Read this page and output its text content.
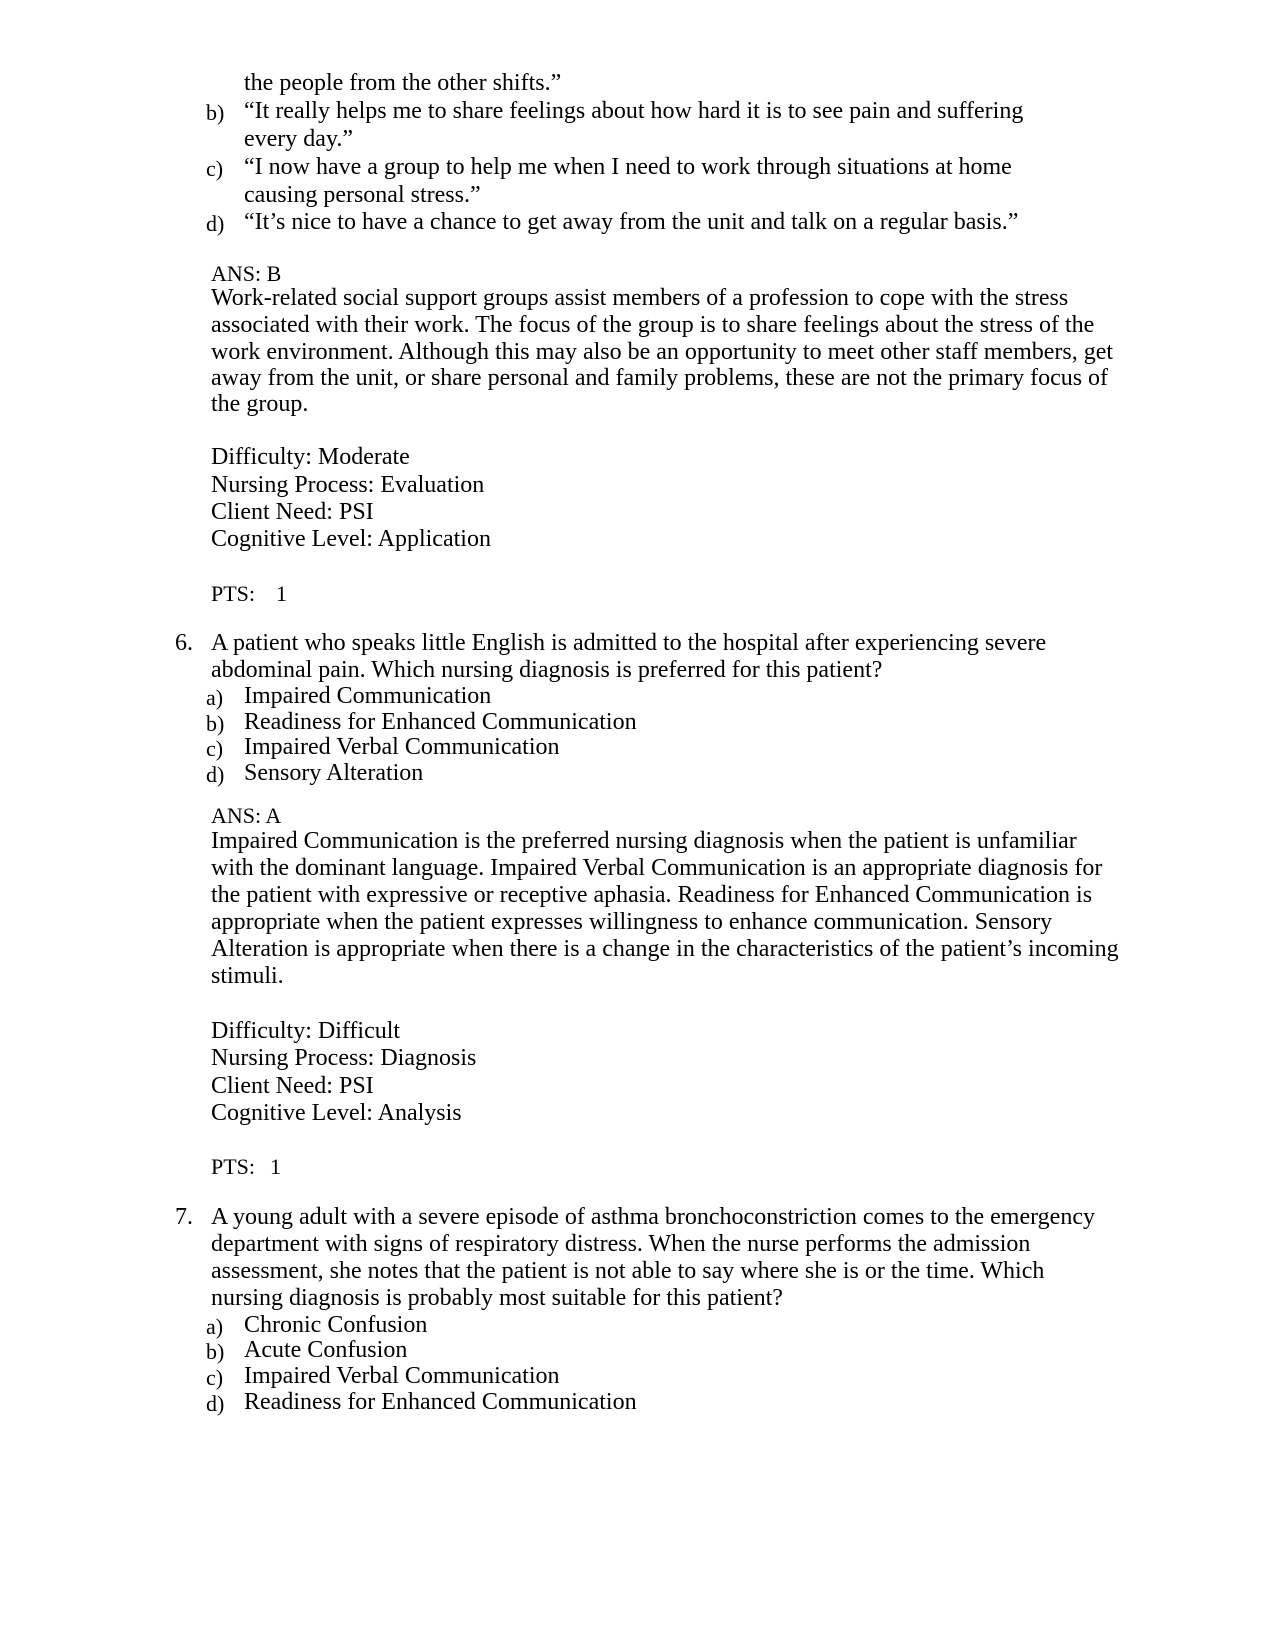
the people from the other shifts.”
b) “It really helps me to share feelings about how hard it is to see pain and suffering
every day.”
c) “I now have a group to help me when I need to work through situations at home
causing personal stress.”
d) “It’s nice to have a chance to get away from the unit and talk on a regular basis.”
ANS: B
Work-related social support groups assist members of a profession to cope with the stress
associated with their work. The focus of the group is to share feelings about the stress of the
work environment. Although this may also be an opportunity to meet other staff members, get
away from the unit, or share personal and family problems, these are not the primary focus of
the group.
Difficulty: Moderate
Nursing Process: Evaluation
Client Need: PSI
Cognitive Level: Application
PTS: 1
6. A patient who speaks little English is admitted to the hospital after experiencing severe
abdominal pain. Which nursing diagnosis is preferred for this patient?
a) Impaired Communication
b) Readiness for Enhanced Communication
c) Impaired Verbal Communication
d) Sensory Alteration
ANS: A
Impaired Communication is the preferred nursing diagnosis when the patient is unfamiliar
with the dominant language. Impaired Verbal Communication is an appropriate diagnosis for
the patient with expressive or receptive aphasia. Readiness for Enhanced Communication is
appropriate when the patient expresses willingness to enhance communication. Sensory
Alteration is appropriate when there is a change in the characteristics of the patient’s incoming
stimuli.
Difficulty: Difficult
Nursing Process: Diagnosis
Client Need: PSI
Cognitive Level: Analysis
PTS: 1
7. A young adult with a severe episode of asthma bronchoconstriction comes to the emergency
department with signs of respiratory distress. When the nurse performs the admission
assessment, she notes that the patient is not able to say where she is or the time. Which
nursing diagnosis is probably most suitable for this patient?
a) Chronic Confusion
b) Acute Confusion
c) Impaired Verbal Communication
d) Readiness for Enhanced Communication
